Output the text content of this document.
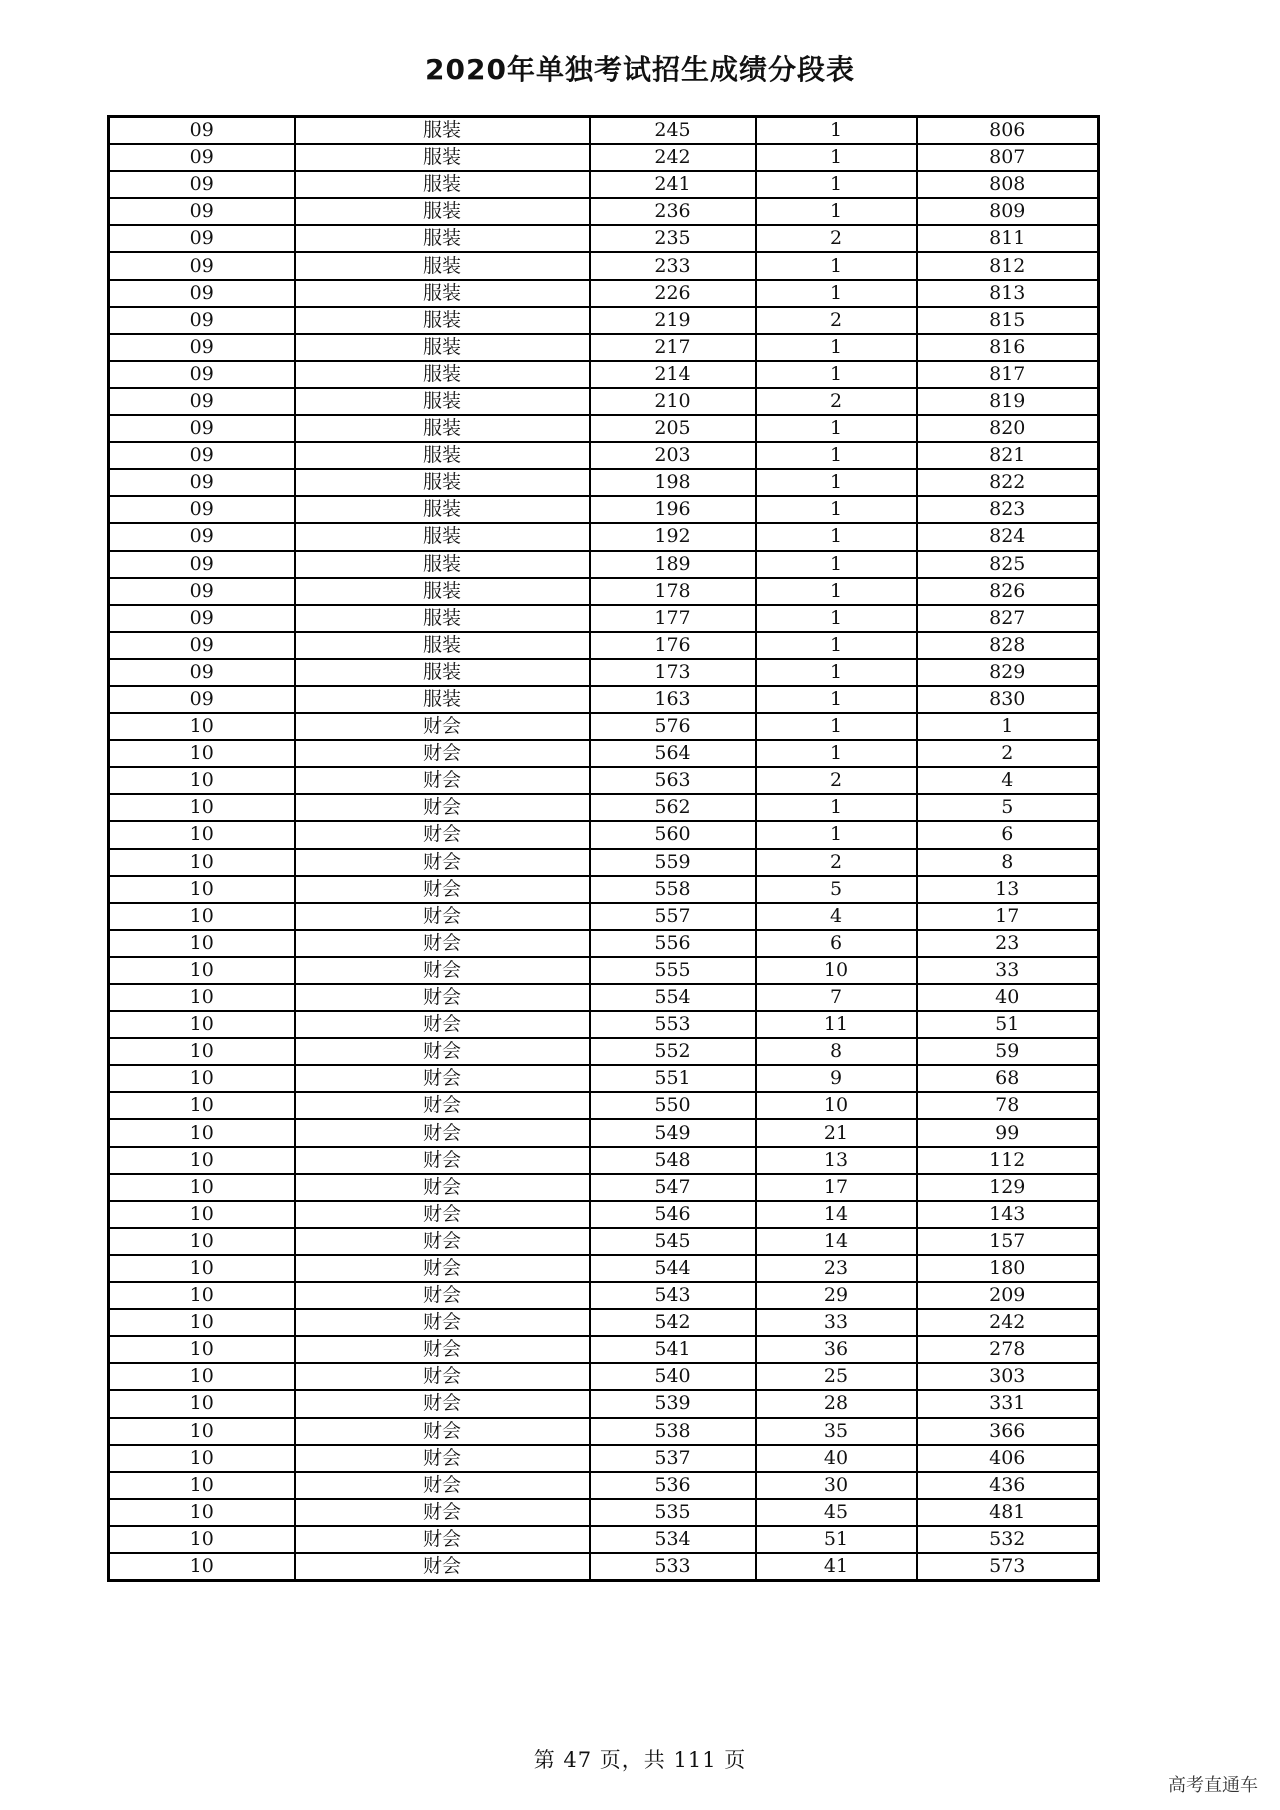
2020年单独考试招生成绩分段表
09	服装	245	1	806
09	服装	242	1	807
09	服装	241	1	808
09	服装	236	1	809
09	服装	235	2	811
09	服装	233	1	812
09	服装	226	1	813
09	服装	219	2	815
09	服装	217	1	816
09	服装	214	1	817
09	服装	210	2	819
09	服装	205	1	820
09	服装	203	1	821
09	服装	198	1	822
09	服装	196	1	823
09	服装	192	1	824
09	服装	189	1	825
09	服装	178	1	826
09	服装	177	1	827
09	服装	176	1	828
09	服装	173	1	829
09	服装	163	1	830
10	财会	576	1	1
10	财会	564	1	2
10	财会	563	2	4
10	财会	562	1	5
10	财会	560	1	6
10	财会	559	2	8
10	财会	558	5	13
10	财会	557	4	17
10	财会	556	6	23
10	财会	555	10	33
10	财会	554	7	40
10	财会	553	11	51
10	财会	552	8	59
10	财会	551	9	68
10	财会	550	10	78
10	财会	549	21	99
10	财会	548	13	112
10	财会	547	17	129
10	财会	546	14	143
10	财会	545	14	157
10	财会	544	23	180
10	财会	543	29	209
10	财会	542	33	242
10	财会	541	36	278
10	财会	540	25	303
10	财会	539	28	331
10	财会	538	35	366
10	财会	537	40	406
10	财会	536	30	436
10	财会	535	45	481
10	财会	534	51	532
10	财会	533	41	573
第 47 页，共 111 页
高考直通车
